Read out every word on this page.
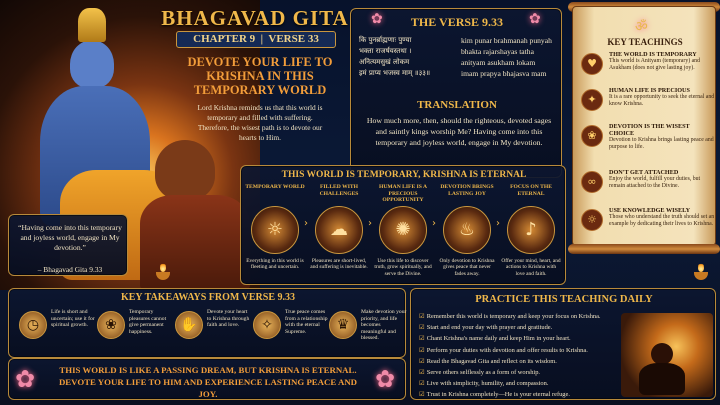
BHAGAVAD GITA
CHAPTER 9  |  VERSE 33
DEVOTE YOUR LIFE TO KRISHNA IN THIS TEMPORARY WORLD
Lord Krishna reminds us that this world is temporary and filled with suffering. Therefore, the wisest path is to devote our hearts to Him.
✿	✿
THE VERSE 9.33
कि पुनर्ब्राह्मणाः पुण्या
भक्ता राजर्षयस्तथा ।
अनित्यमसुखं लोकम
इमं प्राप्य भजस्व माम् ॥३३॥
kim punar brahmanah punyah
bhakta rajarshayas tatha
anityam asukham lokam
imam prapya bhajasva mam
TRANSLATION
How much more, then, should the righteous, devoted sages and saintly kings worship Me? Having come into this temporary and joyless world, engage in My devotion.
ॐ
KEY TEACHINGS
♥
THE WORLD IS TEMPORARY
This world is Anityam (temporary) and Asukham (does not give lasting joy).
✦
HUMAN LIFE IS PRECIOUS
It is a rare opportunity to seek the eternal and know Krishna.
❀
DEVOTION IS THE WISEST CHOICE
Devotion to Krishna brings lasting peace and purpose to life.
∞
DON'T GET ATTACHED
Enjoy the world, fulfill your duties, but remain attached to the Divine.
☼
USE KNOWLEDGE WISELY
Those who understand the truth should set an example by dedicating their lives to Krishna.
“Having come into this temporary and joyless world, engage in My devotion.”
– Bhagavad Gita 9.33
THIS WORLD IS TEMPORARY, KRISHNA IS ETERNAL
TEMPORARY WORLD
☼
Everything in this world is fleeting and uncertain.
›
FILLED WITH CHALLENGES
☁
Pleasures are short-lived, and suffering is inevitable.
›
HUMAN LIFE IS A PRECIOUS OPPORTUNITY
✺
Use this life to discover truth, grow spiritually, and serve the Divine.
›
DEVOTION BRINGS LASTING JOY
♨
Only devotion to Krishna gives peace that never fades away.
›
FOCUS ON THE ETERNAL
♪
Offer your mind, heart, and actions to Krishna with love and faith.
KEY TAKEAWAYS FROM VERSE 9.33
◷
Life is short and uncertain; use it for spiritual growth.	❀
Temporary pleasures cannot give permanent happiness.	✋
Devote your heart to Krishna through faith and love.	✧
True peace comes from a relationship with the eternal Supreme.	♛
Make devotion your priority, and life becomes meaningful and blessed.
PRACTICE THIS TEACHING DAILY
☑ Remember this world is temporary and keep your focus on Krishna.
☑ Start and end your day with prayer and gratitude.
☑ Chant Krishna's name daily and keep Him in your heart.
☑ Perform your duties with devotion and offer results to Krishna.
☑ Read the Bhagavad Gita and reflect on its wisdom.
☑ Serve others selflessly as a form of worship.
☑ Live with simplicity, humility, and compassion.
☑ Trust in Krishna completely—He is your eternal refuge.
✿	THIS WORLD IS LIKE A PASSING DREAM, BUT KRISHNA IS ETERNAL. DEVOTE YOUR LIFE TO HIM AND EXPERIENCE LASTING PEACE AND JOY.
✿
